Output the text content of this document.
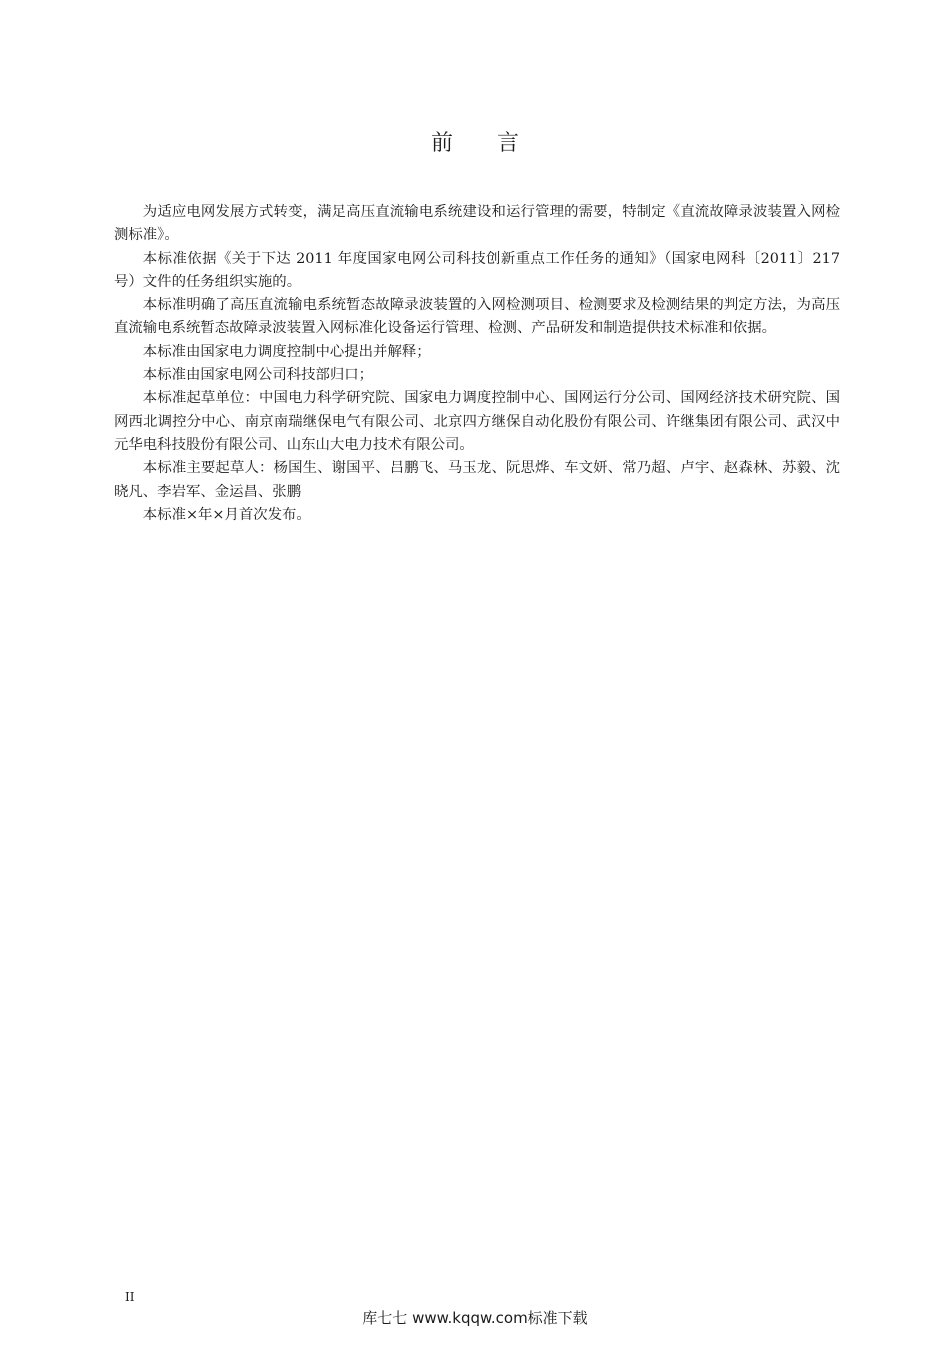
前 言

为适应电网发展方式转变，满足高压直流输电系统建设和运行管理的需要，特制定《直流故障录波装置入网检测标准》。

本标准依据《关于下达 2011 年度国家电网公司科技创新重点工作任务的通知》（国家电网科〔2011〕217 号）文件的任务组织实施的。

本标准明确了高压直流输电系统暂态故障录波装置的入网检测项目、检测要求及检测结果的判定方法，为高压直流输电系统暂态故障录波装置入网标准化设备运行管理、检测、产品研发和制造提供技术标准和依据。

本标准由国家电力调度控制中心提出并解释；

本标准由国家电网公司科技部归口；

本标准起草单位：中国电力科学研究院、国家电力调度控制中心、国网运行分公司、国网经济技术研究院、国网西北调控分中心、南京南瑞继保电气有限公司、北京四方继保自动化股份有限公司、许继集团有限公司、武汉中元华电科技股份有限公司、山东山大电力技术有限公司。

本标准主要起草人：杨国生、谢国平、吕鹏飞、马玉龙、阮思烨、车文妍、常乃超、卢宇、赵森林、苏毅、沈晓凡、李岩军、金运昌、张鹏

本标准×年×月首次发布。

II
库七七 www.kqqw.com标准下载
